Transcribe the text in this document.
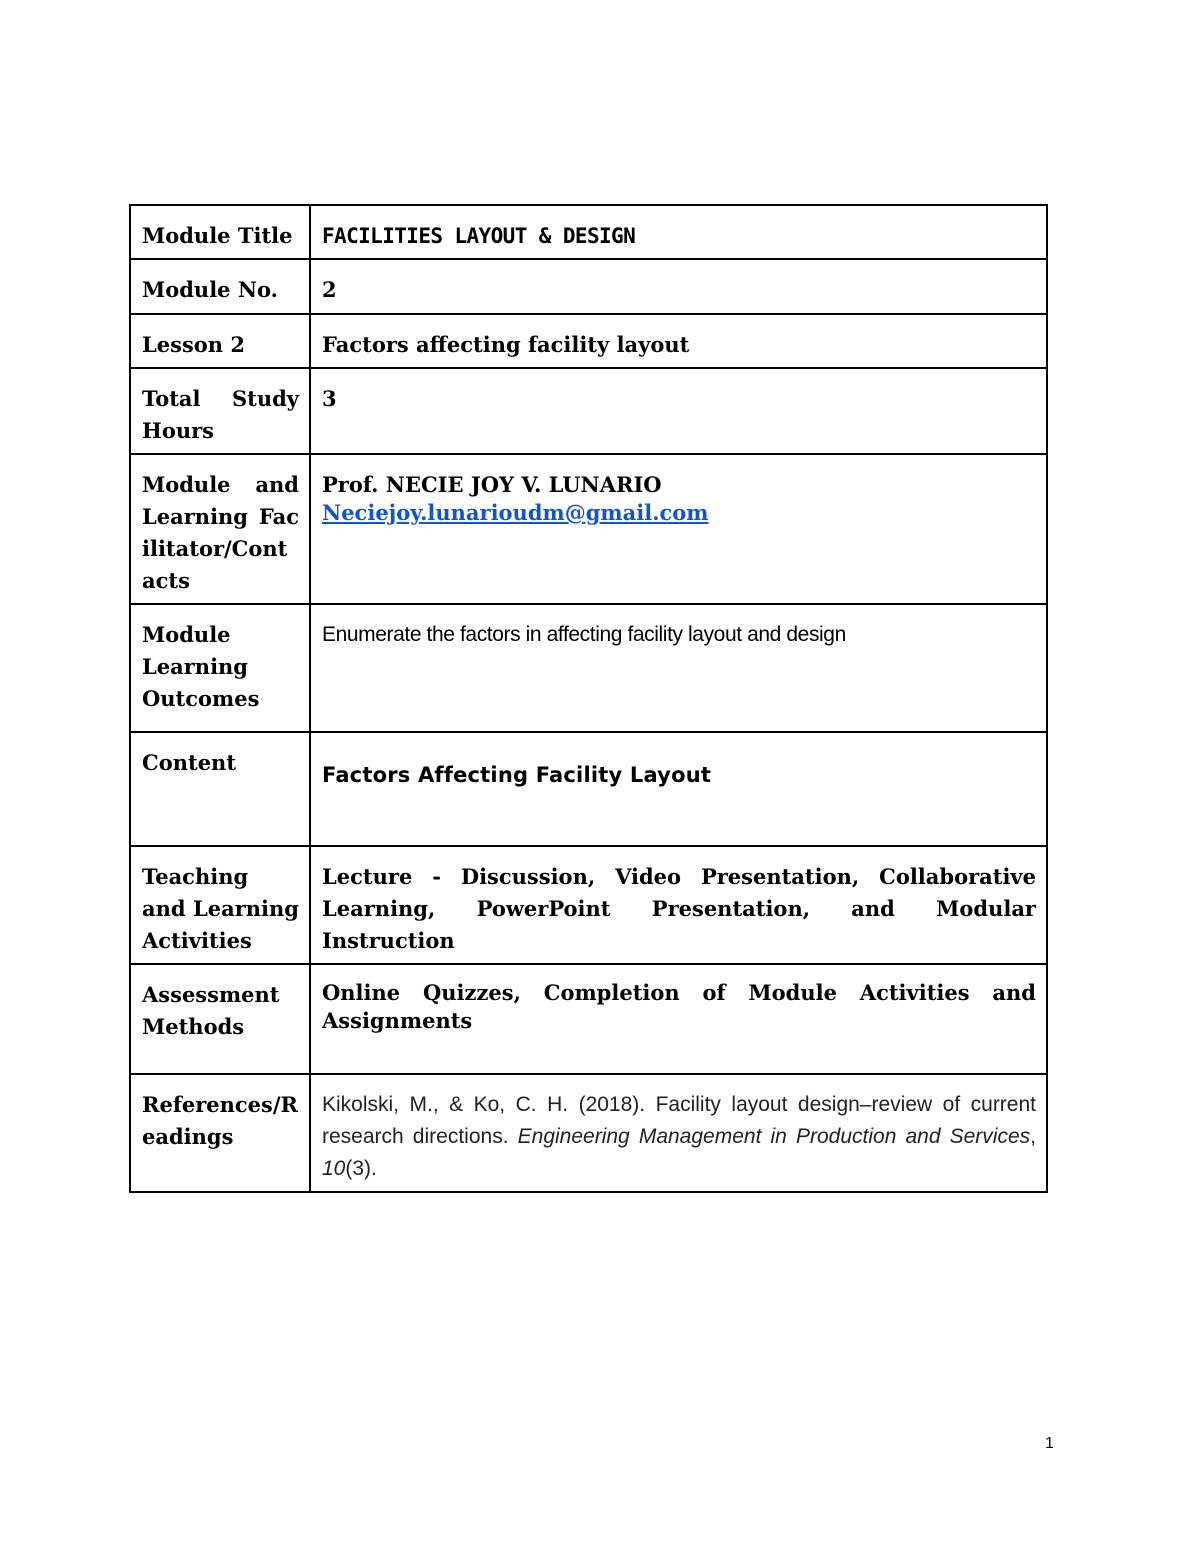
Module Title	FACILITIES LAYOUT & DESIGN
Module No.	2
Lesson 2	Factors affecting facility layout
Total Study Hours	3
Module and Learning Facilitator/Contacts	Prof. NECIE JOY V. LUNARIO
Neciejoy.lunarioudm@gmail.com

Module Learning Outcomes	Enumerate the factors in affecting facility layout and design
Content	Factors Affecting Facility Layout

Teaching and Learning Activities	Lecture - Discussion, Video Presentation, Collaborative Learning, PowerPoint Presentation, and Modular Instruction
Assessment Methods	Online Quizzes, Completion of Module Activities and Assignments
References/Readings	Kikolski, M., & Ko, C. H. (2018). Facility layout design–review of current research directions. Engineering Management in Production and Services, 10(3).
1
